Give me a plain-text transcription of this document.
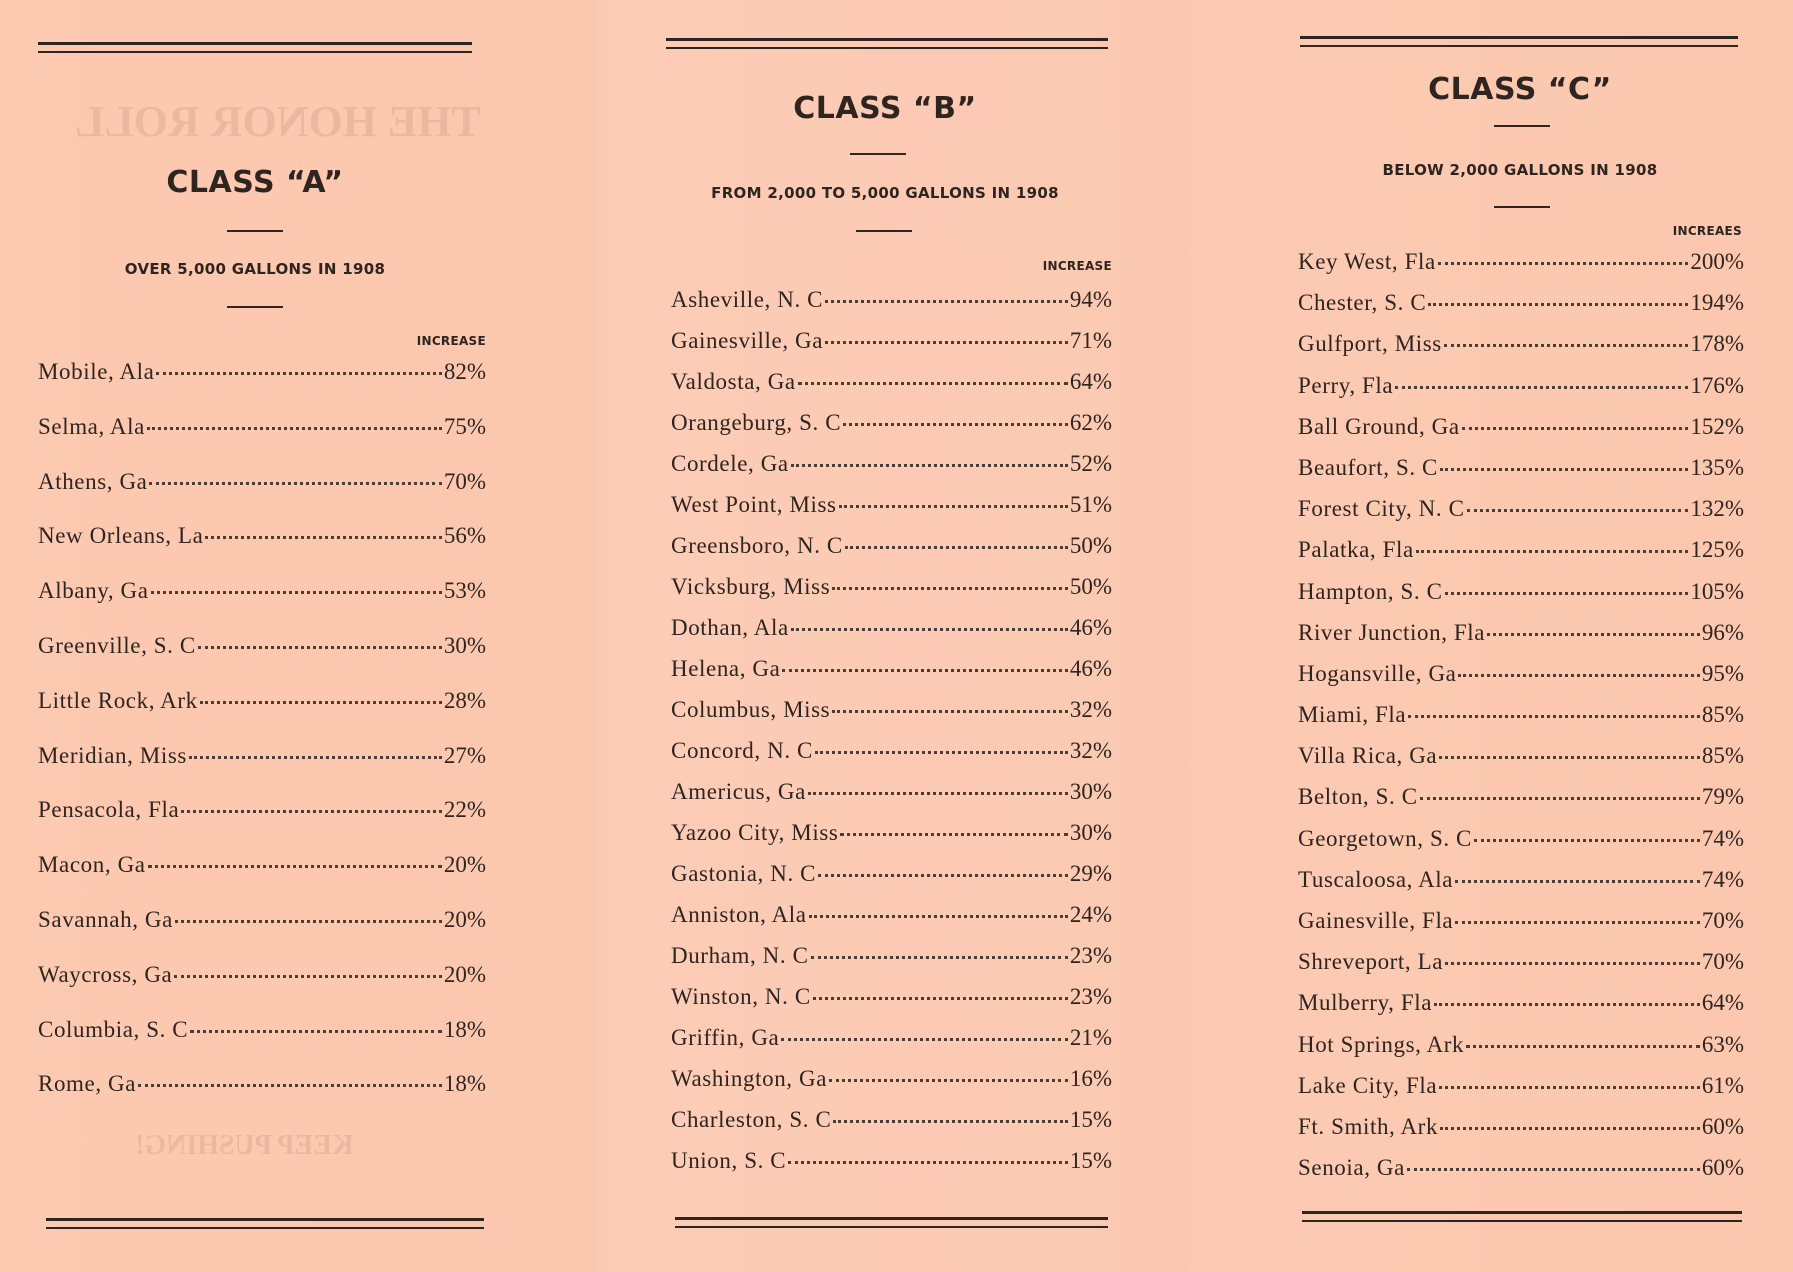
THE HONOR ROLL
KEEP PUSHING!
CLASS “A”
OVER 5,000 GALLONS IN 1908
INCREASE
Mobile, Ala	82%
Selma, Ala	75%
Athens, Ga	70%
New Orleans, La	56%
Albany, Ga	53%
Greenville, S. C	30%
Little Rock, Ark	28%
Meridian, Miss	27%
Pensacola, Fla	22%
Macon, Ga	20%
Savannah, Ga	20%
Waycross, Ga	20%
Columbia, S. C	18%
Rome, Ga	18%
CLASS “B”
FROM 2,000 TO 5,000 GALLONS IN 1908
INCREASE
Asheville, N. C	94%
Gainesville, Ga	71%
Valdosta, Ga	64%
Orangeburg, S. C	62%
Cordele, Ga	52%
West Point, Miss	51%
Greensboro, N. C	50%
Vicksburg, Miss	50%
Dothan, Ala	46%
Helena, Ga	46%
Columbus, Miss	32%
Concord, N. C	32%
Americus, Ga	30%
Yazoo City, Miss	30%
Gastonia, N. C	29%
Anniston, Ala	24%
Durham, N. C	23%
Winston, N. C	23%
Griffin, Ga	21%
Washington, Ga	16%
Charleston, S. C	15%
Union, S. C	15%
CLASS “C”
BELOW 2,000 GALLONS IN 1908
INCREAES
Key West, Fla	200%
Chester, S. C	194%
Gulfport, Miss	178%
Perry, Fla	176%
Ball Ground, Ga	152%
Beaufort, S. C	135%
Forest City, N. C	132%
Palatka, Fla	125%
Hampton, S. C	105%
River Junction, Fla	96%
Hogansville, Ga	95%
Miami, Fla	85%
Villa Rica, Ga	85%
Belton, S. C	79%
Georgetown, S. C	74%
Tuscaloosa, Ala	74%
Gainesville, Fla	70%
Shreveport, La	70%
Mulberry, Fla	64%
Hot Springs, Ark	63%
Lake City, Fla	61%
Ft. Smith, Ark	60%
Senoia, Ga	60%
